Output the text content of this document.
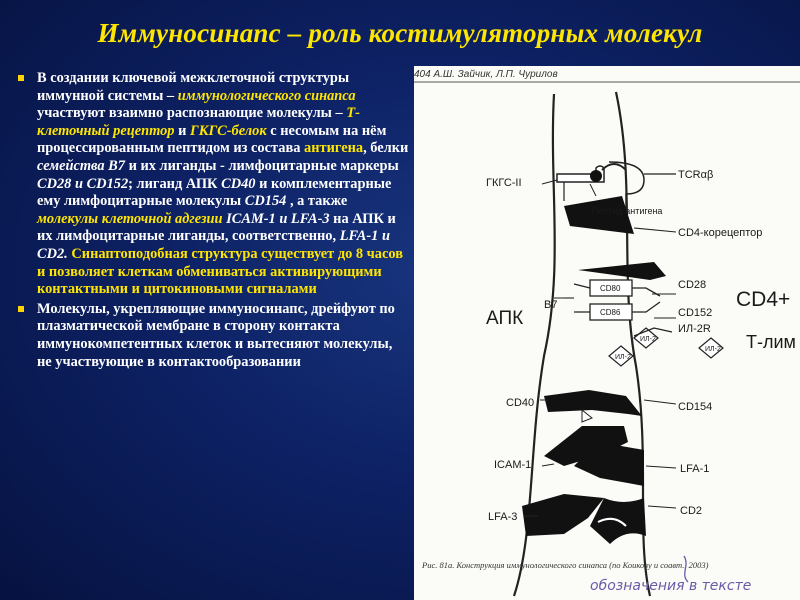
Иммуносинапс – роль костимуляторных молекул
В создании ключевой межклеточной структуры иммунной системы – иммунологического синапса участвуют взаимно распознающие молекулы – Т-клеточный рецептор и ГКГС-белок с несомым на нём процессированным пептидом из состава антигена, белки семейства В7 и их лиганды - лимфоцитарные маркеры CD28 и CD152; лиганд АПК CD40 и комплементарные ему лимфоцитарные молекулы CD154 , а также молекулы клеточной адгезии ICAM-1 и LFA-3 на АПК и их лимфоцитарные лиганды, соответственно, LFA-1 и CD2. Синаптоподобная структура существует до 8 часов и позволяет клеткам обмениваться активирующими контактными и цитокиновыми сигналами
Молекулы, укрепляющие иммуносинапс, дрейфуют по плазматической мембране в сторону контакта иммунокомпетентных клеток и вытесняют молекулы, не участвующие в контактообразовании
ГКГС-II
TCRαβ
Пептид антигена
CD4-корецептор
B7
CD80
CD86
CD28
CD152
ИЛ-2R
ИЛ-2
ИЛ-2
ИЛ-2
АПК
CD4+
Т-лим
CD40	CD154
ICAM-1	LFA-1
LFA-3	CD2
Рис. 81а. Конструкция иммунологического синапса (по Коикову и соавт., 2003)
обозначения в тексте
404 А.Ш. Зайчик, Л.П. Чурилов
